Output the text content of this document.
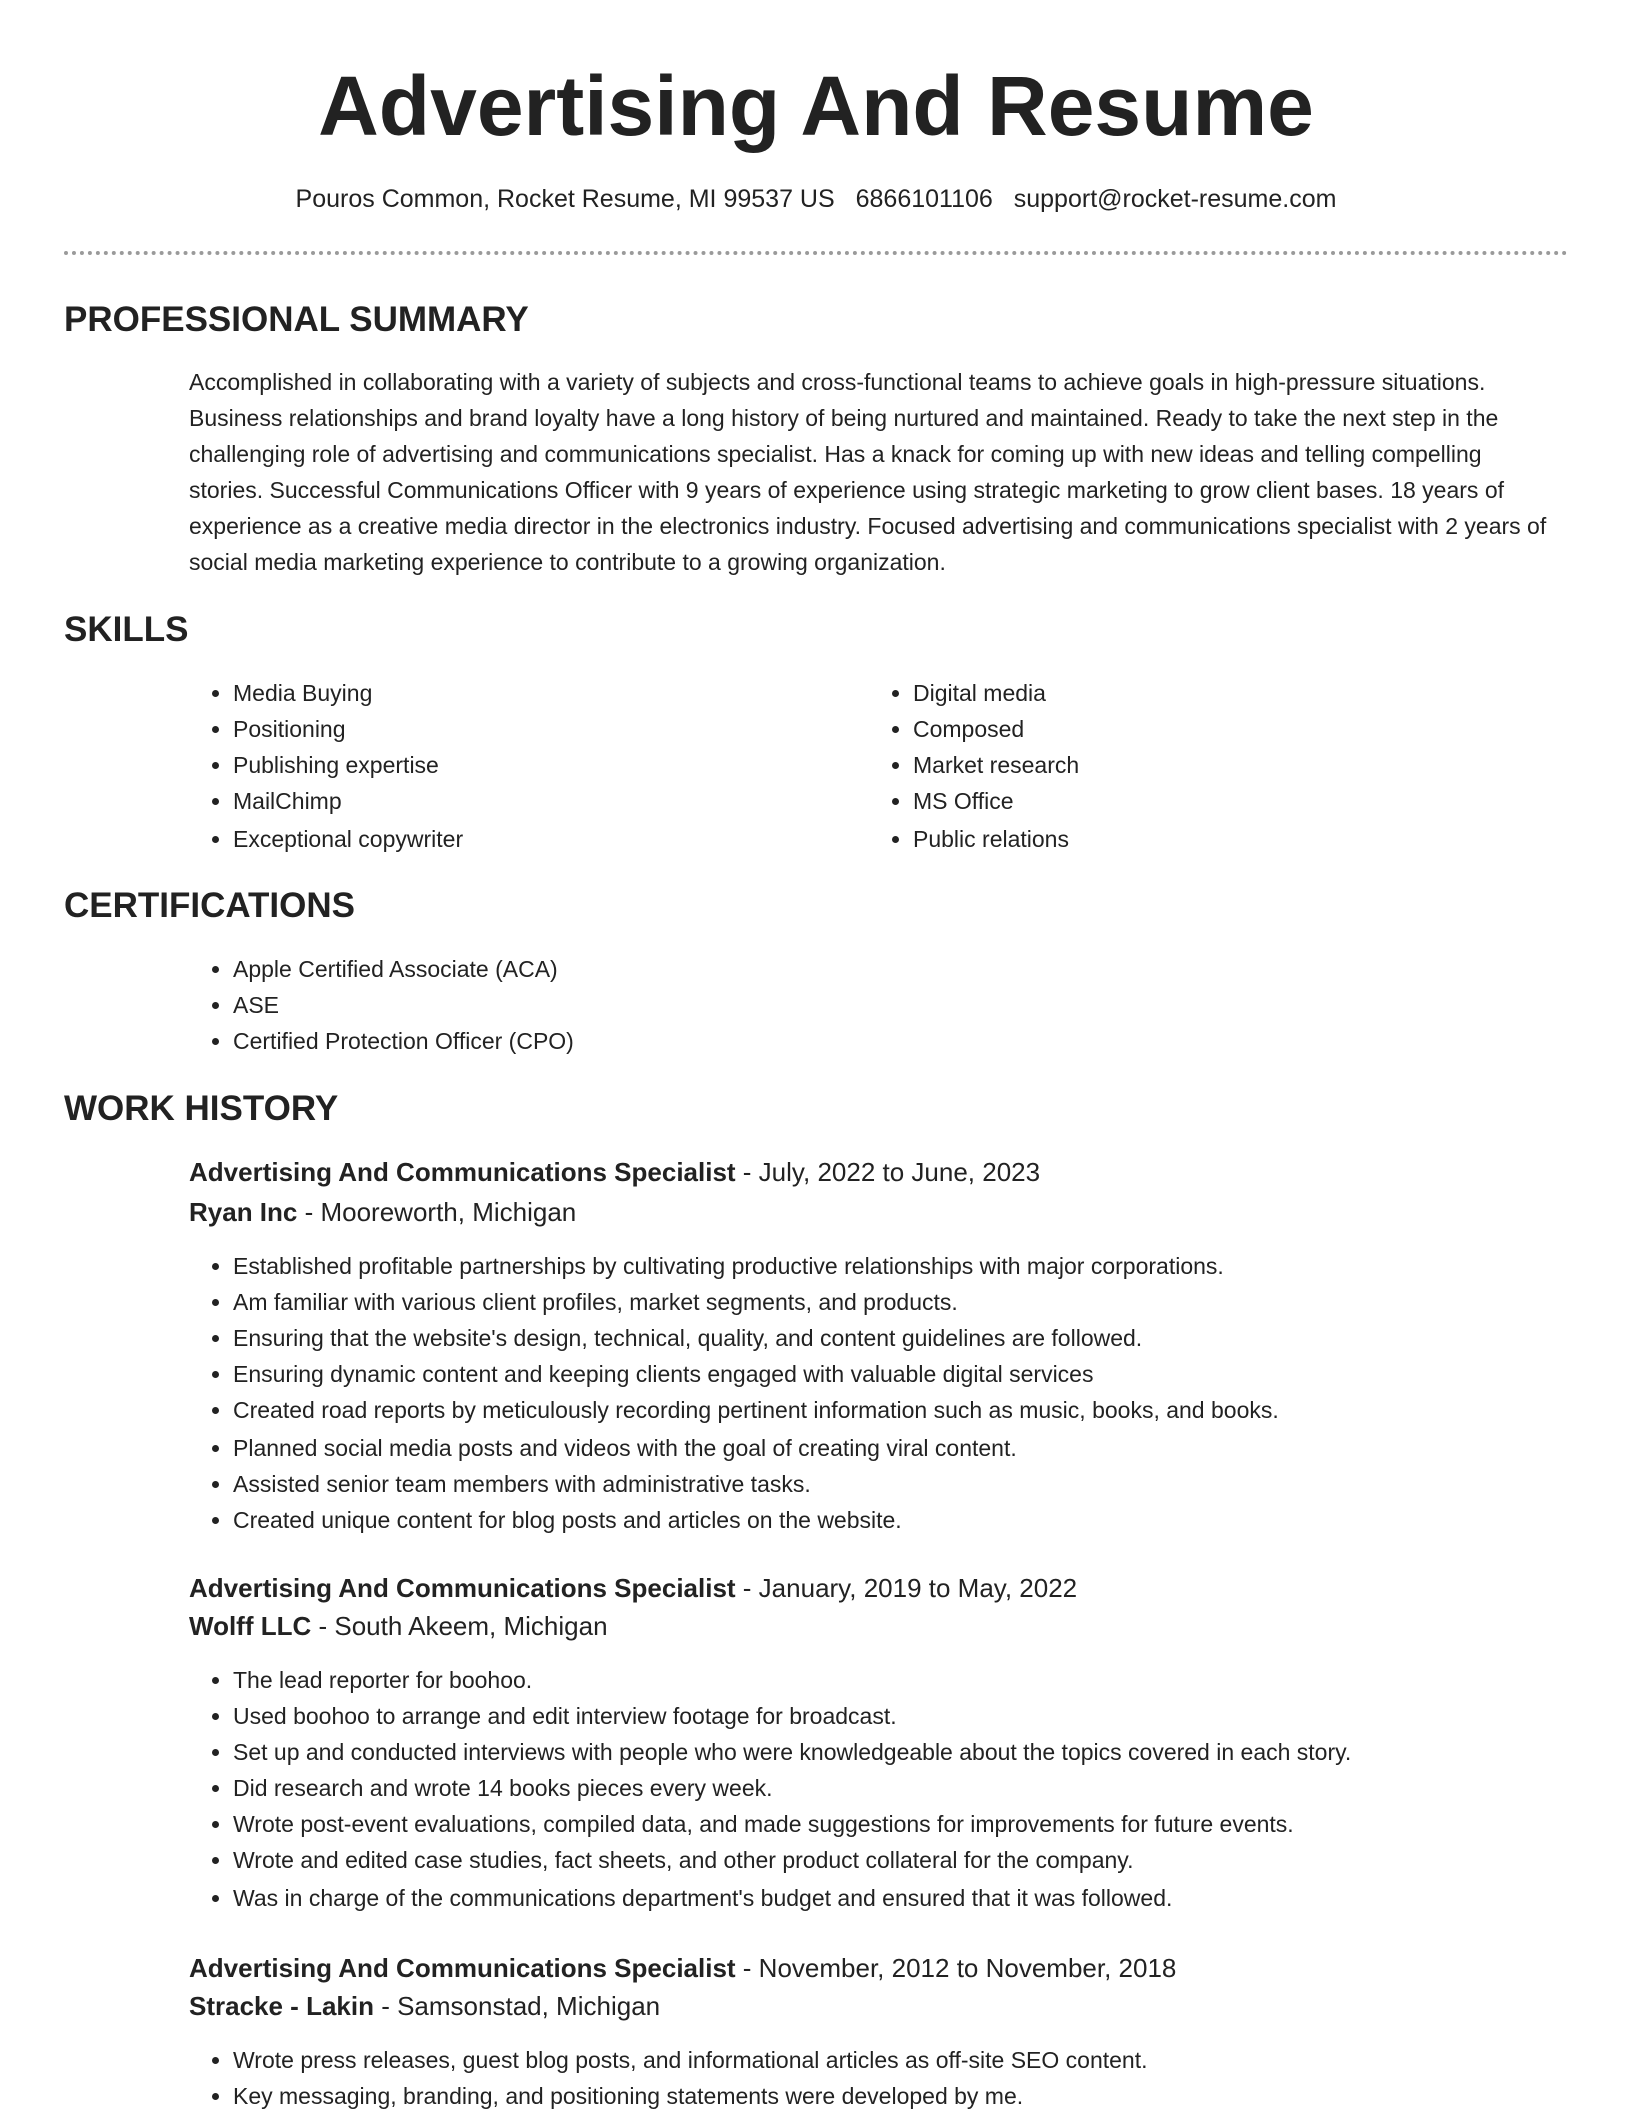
Advertising And Resume
Pouros Common, Rocket Resume, MI 99537 US 6866101106 support@rocket-resume.com
PROFESSIONAL SUMMARY

Accomplished in collaborating with a variety of subjects and cross-functional teams to achieve goals in high-pressure situations. Business relationships and brand loyalty have a long history of being nurtured and maintained. Ready to take the next step in the challenging role of advertising and communications specialist. Has a knack for coming up with new ideas and telling compelling stories. Successful Communications Officer with 9 years of experience using strategic marketing to grow client bases. 18 years of experience as a creative media director in the electronics industry. Focused advertising and communications specialist with 2 years of social media marketing experience to contribute to a growing organization.

SKILLS
• Media Buying
• Positioning
• Publishing expertise
• MailChimp
• Exceptional copywriter
• Digital media
• Composed
• Market research
• MS Office
• Public relations
CERTIFICATIONS
• Apple Certified Associate (ACA)
• ASE
• Certified Protection Officer (CPO)
WORK HISTORY
Advertising And Communications Specialist - July, 2022 to June, 2023
Ryan Inc - Mooreworth, Michigan
• Established profitable partnerships by cultivating productive relationships with major corporations.
• Am familiar with various client profiles, market segments, and products.
• Ensuring that the website's design, technical, quality, and content guidelines are followed.
• Ensuring dynamic content and keeping clients engaged with valuable digital services
• Created road reports by meticulously recording pertinent information such as music, books, and books.
• Planned social media posts and videos with the goal of creating viral content.
• Assisted senior team members with administrative tasks.
• Created unique content for blog posts and articles on the website.
Advertising And Communications Specialist - January, 2019 to May, 2022
Wolff LLC - South Akeem, Michigan
• The lead reporter for boohoo.
• Used boohoo to arrange and edit interview footage for broadcast.
• Set up and conducted interviews with people who were knowledgeable about the topics covered in each story.
• Did research and wrote 14 books pieces every week.
• Wrote post-event evaluations, compiled data, and made suggestions for improvements for future events.
• Wrote and edited case studies, fact sheets, and other product collateral for the company.
• Was in charge of the communications department's budget and ensured that it was followed.
Advertising And Communications Specialist - November, 2012 to November, 2018
Stracke - Lakin - Samsonstad, Michigan
• Wrote press releases, guest blog posts, and informational articles as off-site SEO content.
• Key messaging, branding, and positioning statements were developed by me.
